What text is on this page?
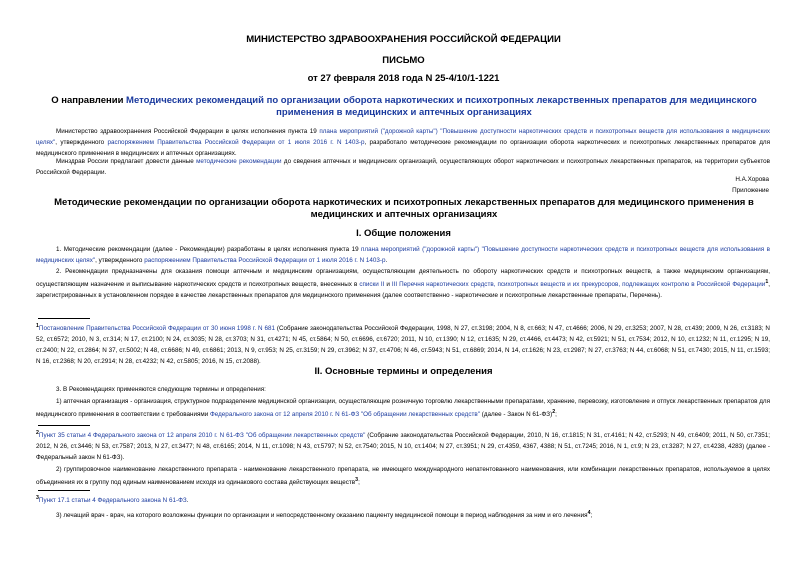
МИНИСТЕРСТВО ЗДРАВООХРАНЕНИЯ РОССИЙСКОЙ ФЕДЕРАЦИИ
ПИСЬМО
от 27 февраля 2018 года N 25-4/10/1-1221
О направлении Методических рекомендаций по организации оборота наркотических и психотропных лекарственных препаратов для медицинского применения в медицинских и аптечных организациях
Министерство здравоохранения Российской Федерации в целях исполнения пункта 19 плана мероприятий ("дорожной карты") "Повышение доступности наркотических средств и психотропных веществ для использования в медицинских целях", утвержденного распоряжением Правительства Российской Федерации от 1 июля 2016 г. N 1403-р, разработало методические рекомендации по организации оборота наркотических и психотропных лекарственных препаратов для медицинского применения в медицинских и аптечных организациях.
Минздрав России предлагает довести данные методические рекомендации до сведения аптечных и медицинских организаций, осуществляющих оборот наркотических и психотропных лекарственных препаратов, на территории субъектов Российской Федерации.
Н.А.Хорова
Приложение
Методические рекомендации по организации оборота наркотических и психотропных лекарственных препаратов для медицинского применения в медицинских и аптечных организациях
I. Общие положения
1. Методические рекомендации (далее - Рекомендации) разработаны в целях исполнения пункта 19 плана мероприятий ("дорожной карты") "Повышение доступности наркотических средств и психотропных веществ для использования в медицинских целях", утвержденного распоряжением Правительства Российской Федерации от 1 июля 2016 г. N 1403-р.
2. Рекомендации предназначены для оказания помощи аптечным и медицинским организациям, осуществляющим деятельность по обороту наркотических средств и психотропных веществ, а также медицинским организациям, осуществляющим назначение и выписывание наркотических средств и психотропных веществ, внесенных в списки II и III Перечня наркотических средств, психотропных веществ и их прекурсоров, подлежащих контролю в Российской Федерации$^1$, зарегистрированных в установленном порядке в качестве лекарственных препаратов для медицинского применения (далее соответственно - наркотические и психотропные лекарственные препараты, Перечень).
$^1$Постановление Правительства Российской Федерации от 30 июня 1998 г. N 681 (Собрание законодательства Российской Федерации, 1998, N 27, ст.3198; 2004, N 8, ст.663; N 47, ст.4666; 2006, N 29, ст.3253; 2007, N 28, ст.439; 2009, N 26, ст.3183; N 52, ст.6572; 2010, N 3, ст.314; N 17, ст.2100; N 24, ст.3035; N 28, ст.3703; N 31, ст.4271; N 45, ст.5864; N 50, ст.6696, ст.6720; 2011, N 10, ст.1390; N 12, ст.1635; N 29, ст.4466, ст.4473; N 42, ст.5921; N 51, ст.7534; 2012, N 10, ст.1232; N 11, ст.1295; N 19, ст.2400; N 22, ст.2864; N 37, ст.5002; N 48, ст.6686; N 49, ст.6861; 2013, N 9, ст.953; N 25, ст.3159; N 29, ст.3962; N 37, ст.4706; N 46, ст.5943; N 51, ст.6869; 2014, N 14, ст.1626; N 23, ст.2987; N 27, ст.3763; N 44, ст.6068; N 51, ст.7430; 2015, N 11, ст.1593; N 16, ст.2368; N 20, ст.2914; N 28, ст.4232; N 42, ст.5805; 2016, N 15, ст.2088).
II. Основные термины и определения
3. В Рекомендациях применяются следующие термины и определения:
1) аптечная организация - организация, структурное подразделение медицинской организации, осуществляющие розничную торговлю лекарственными препаратами, хранение, перевозку, изготовление и отпуск лекарственных препаратов для медицинского применения в соответствии с требованиями Федерального закона от 12 апреля 2010 г. N 61-ФЗ "Об обращении лекарственных средств" (далее - Закон N 61-ФЗ)$^2$;
$^2$Пункт 35 статьи 4 Федерального закона от 12 апреля 2010 г. N 61-ФЗ "Об обращении лекарственных средств" (Собрание законодательства Российской Федерации, 2010, N 16, ст.1815; N 31, ст.4161; N 42, ст.5293; N 49, ст.6409; 2011, N 50, ст.7351; 2012, N 26, ст.3446; N 53, ст.7587; 2013, N 27, ст.3477; N 48, ст.6165; 2014, N 11, ст.1098; N 43, ст.5797; N 52, ст.7540; 2015, N 10, ст.1404; N 27, ст.3951; N 29, ст.4359, 4367, 4388; N 51, ст.7245; 2016, N 1, ст.9; N 23, ст.3287; N 27, ст.4238, 4283) (далее - Федеральный закон N 61-ФЗ).
2) группировочное наименование лекарственного препарата - наименование лекарственного препарата, не имеющего международного непатентованного наименования, или комбинации лекарственных препаратов, используемое в целях объединения их в группу под единым наименованием исходя из одинакового состава действующих веществ$^3$;
$^3$Пункт 17.1 статьи 4 Федерального закона N 61-ФЗ.
3) лечащий врач - врач, на которого возложены функции по организации и непосредственному оказанию пациенту медицинской помощи в период наблюдения за ним и его лечения$^4$;
